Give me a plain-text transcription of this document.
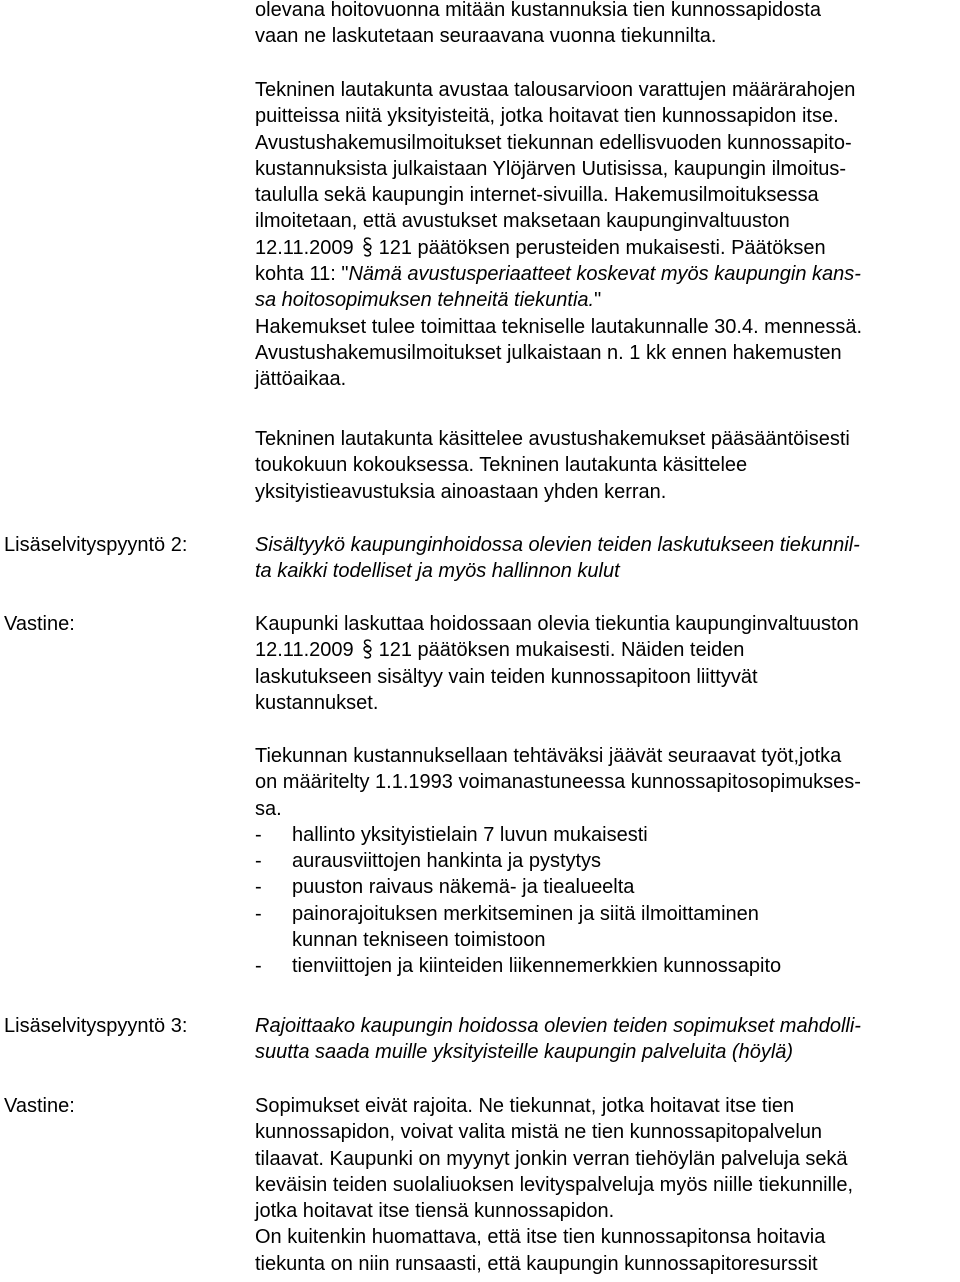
olevana hoitovuonna mitään kustannuksia tien kunnossapidosta
vaan ne laskutetaan seuraavana vuonna tiekunnilta.
Tekninen lautakunta avustaa talousarvioon varattujen määrärahojen
puitteissa niitä yksityisteitä, jotka hoitavat tien kunnossapidon itse.
Avustushakemusilmoitukset tiekunnan edellisvuoden kunnossapito-
kustannuksista julkaistaan Ylöjärven Uutisissa, kaupungin ilmoitus-
taululla sekä kaupungin internet-sivuilla. Hakemusilmoituksessa
ilmoitetaan, että avustukset maksetaan kaupunginvaltuuston
12.11.2009 121 päätöksen perusteiden mukaisesti. Päätöksen
kohta 11: "Nämä avustusperiaatteet koskevat myös kaupungin kans-
sa hoitosopimuksen tehneitä tiekuntia."
Hakemukset tulee toimittaa tekniselle lautakunnalle 30.4. mennessä.
Avustushakemusilmoitukset julkaistaan n. 1 kk ennen hakemusten
jättöaikaa.
Tekninen lautakunta käsittelee avustushakemukset pääsääntöisesti
toukokuun kokouksessa. Tekninen lautakunta käsittelee
yksityistieavustuksia ainoastaan yhden kerran.
Lisäselvityspyyntö 2:	Sisältyykö kaupunginhoidossa olevien teiden laskutukseen tiekunnil-
ta kaikki todelliset ja myös hallinnon kulut
Vastine:	Kaupunki laskuttaa hoidossaan olevia tiekuntia kaupunginvaltuuston
12.11.2009 121 päätöksen mukaisesti. Näiden teiden
laskutukseen sisältyy vain teiden kunnossapitoon liittyvät
kustannukset.
Tiekunnan kustannuksellaan tehtäväksi jäävät seuraavat työt,jotka
on määritelty 1.1.1993 voimanastuneessa kunnossapitosopimukses-
sa.
- hallinto yksityistielain 7 luvun mukaisesti
- aurausviittojen hankinta ja pystytys
- puuston raivaus näkemä- ja tiealueelta
- painorajoituksen merkitseminen ja siitä ilmoittaminen
kunnan tekniseen toimistoon
- tienviittojen ja kiinteiden liikennemerkkien kunnossapito
Lisäselvityspyyntö 3:	Rajoittaako kaupungin hoidossa olevien teiden sopimukset mahdolli-
suutta saada muille yksityisteille kaupungin palveluita (höylä)
Vastine:	Sopimukset eivät rajoita. Ne tiekunnat, jotka hoitavat itse tien
kunnossapidon, voivat valita mistä ne tien kunnossapitopalvelun
tilaavat. Kaupunki on myynyt jonkin verran tiehöylän palveluja sekä
keväisin teiden suolaliuoksen levityspalveluja myös niille tiekunnille,
jotka hoitavat itse tiensä kunnossapidon.
On kuitenkin huomattava, että itse tien kunnossapitonsa hoitavia
tiekunta on niin runsaasti, että kaupungin kunnossapitoresurssit
